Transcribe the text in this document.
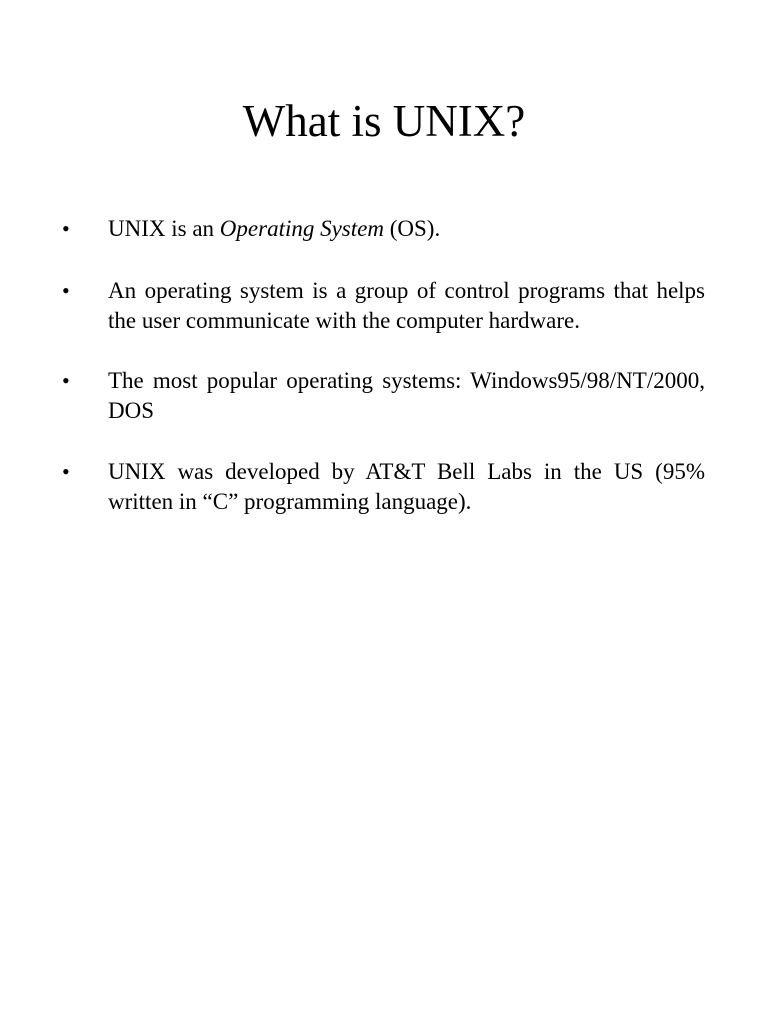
What is UNIX?
• UNIX is an Operating System (OS).

• An operating system is a group of control programs that helps the user communicate with the computer hardware.

• The most popular operating systems: Windows95/98/NT/2000, DOS

• UNIX was developed by AT&T Bell Labs in the US (95% written in “C” programming language).
